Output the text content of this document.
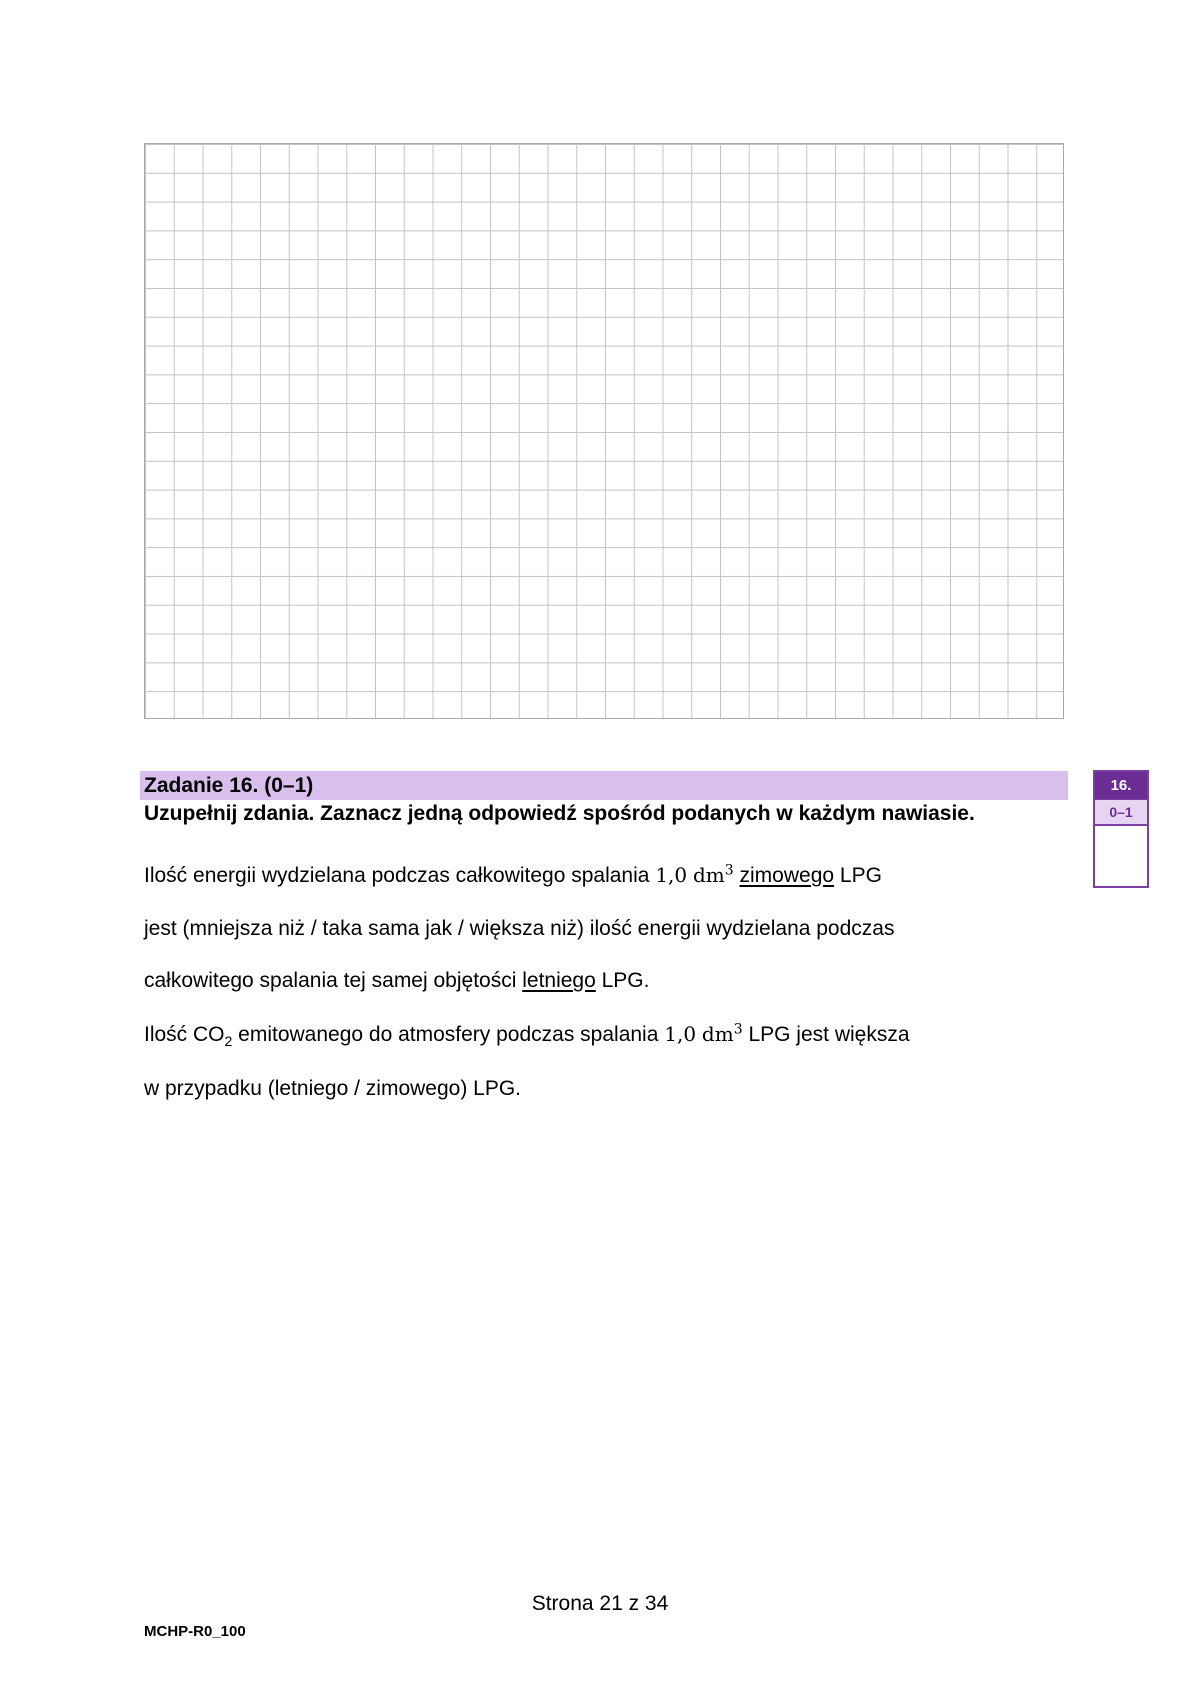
Zadanie 16. (0–1)
Uzupełnij zdania. Zaznacz jedną odpowiedź spośród podanych w każdym nawiasie.
16.
0–1
Ilość energii wydzielana podczas całkowitego spalania 1,0 $dm^3$ zimowego LPG
jest (mniejsza niż / taka sama jak / większa niż) ilość energii wydzielana podczas
całkowitego spalania tej samej objętości letniego LPG.
Ilość $CO_2$ emitowanego do atmosfery podczas spalania 1,0 $dm^3$ LPG jest większa
w przypadku (letniego / zimowego) LPG.
Strona 21 z 34
MCHP-R0_100
